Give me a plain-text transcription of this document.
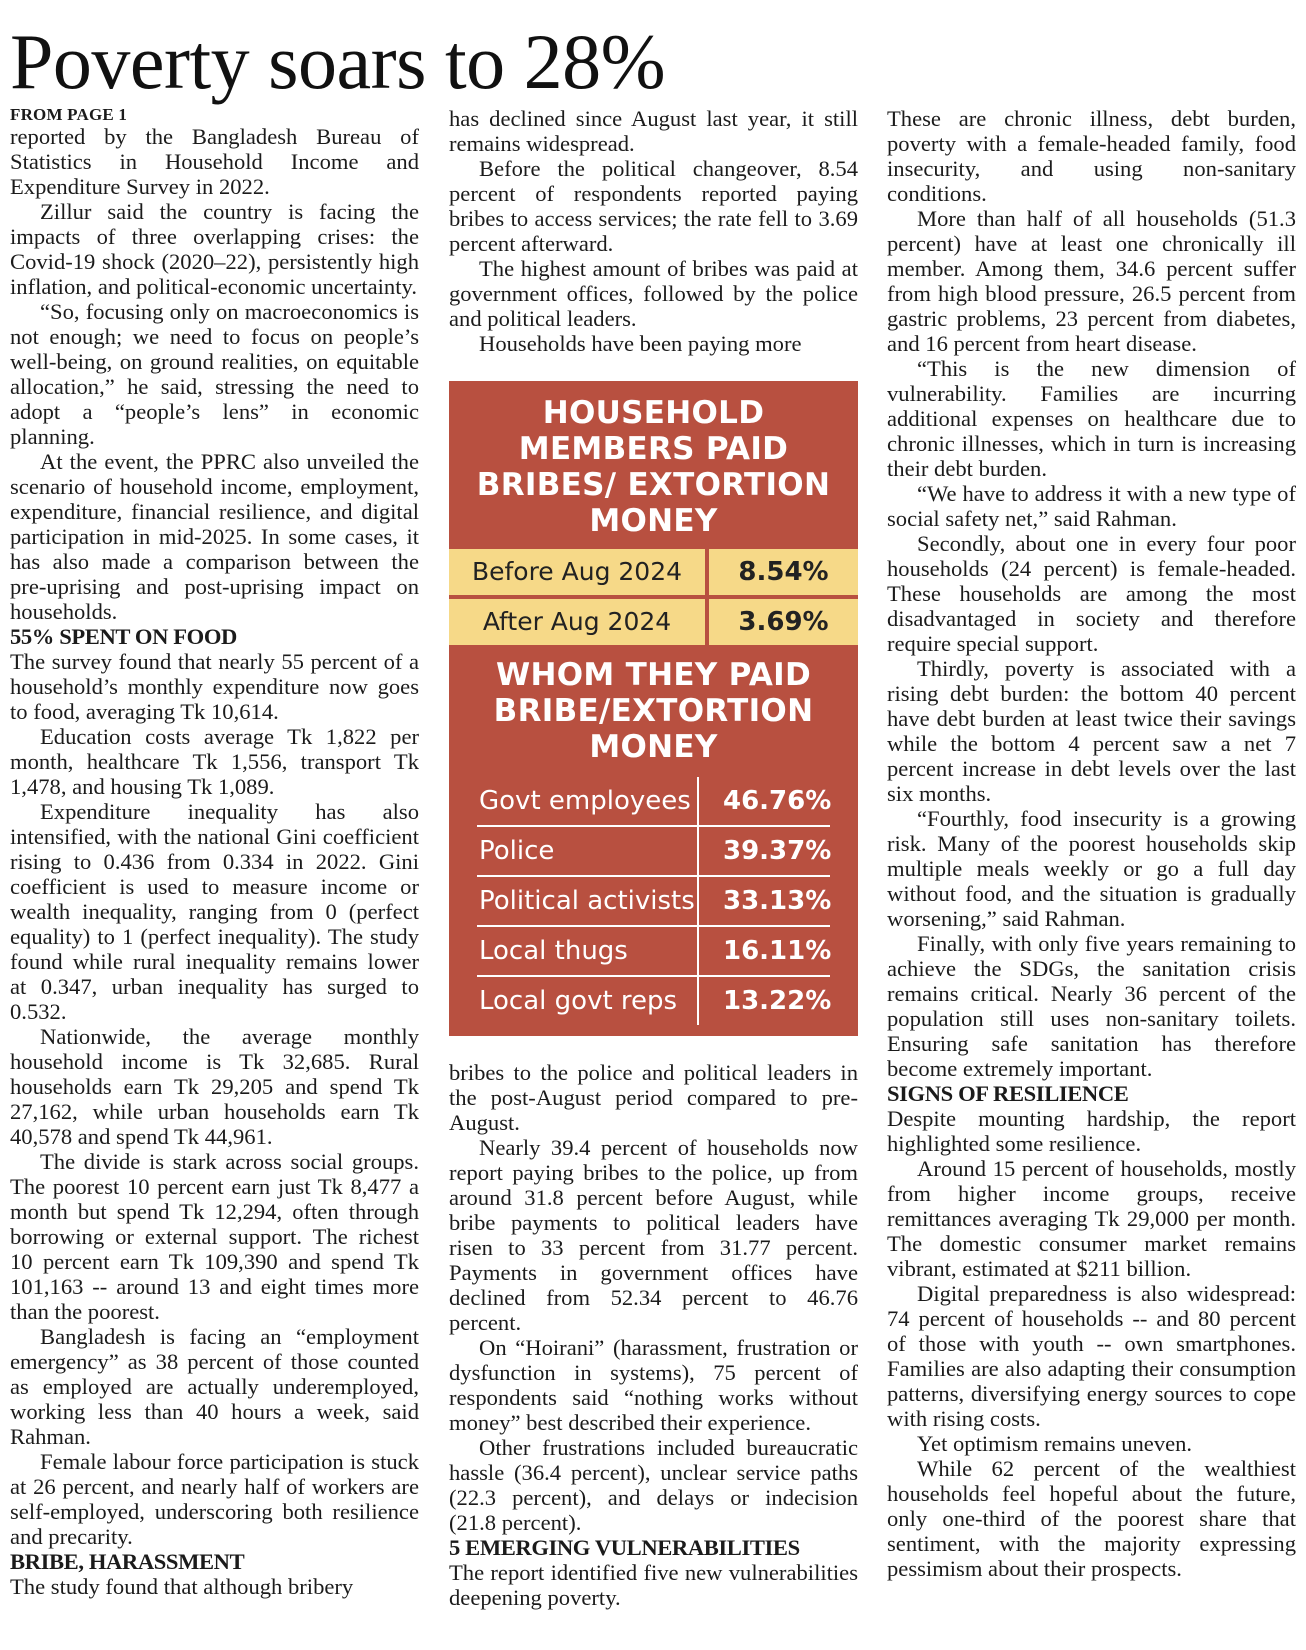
Poverty soars to 28%
FROM PAGE 1

reported by the Bangladesh Bureau of Statistics in Household Income and Expenditure Survey in 2022.

Zillur said the country is facing the impacts of three overlapping crises: the Covid-19 shock (2020–22), persistently high inflation, and political-economic uncertainty.

“So, focusing only on macroeconomics is not enough; we need to focus on people’s well-being, on ground realities, on equitable allocation,” he said, stressing the need to adopt a “people’s lens” in economic planning.

At the event, the PPRC also unveiled the scenario of household income, employment, expenditure, financial resilience, and digital participation in mid-2025. In some cases, it has also made a comparison between the pre-uprising and post-uprising impact on households.

55% SPENT ON FOOD

The survey found that nearly 55 percent of a household’s monthly expenditure now goes to food, averaging Tk 10,614.

Education costs average Tk 1,822 per month, healthcare Tk 1,556, transport Tk 1,478, and housing Tk 1,089.

Expenditure inequality has also intensified, with the national Gini coefficient rising to 0.436 from 0.334 in 2022. Gini coefficient is used to measure income or wealth inequality, ranging from 0 (perfect equality) to 1 (perfect inequality). The study found while rural inequality remains lower at 0.347, urban inequality has surged to 0.532.

Nationwide, the average monthly household income is Tk 32,685. Rural households earn Tk 29,205 and spend Tk 27,162, while urban households earn Tk 40,578 and spend Tk 44,961.

The divide is stark across social groups. The poorest 10 percent earn just Tk 8,477 a month but spend Tk 12,294, often through borrowing or external support. The richest 10 percent earn Tk 109,390 and spend Tk 101,163 -- around 13 and eight times more than the poorest.

Bangladesh is facing an “employment emergency” as 38 percent of those counted as employed are actually underemployed, working less than 40 hours a week, said Rahman.

Female labour force participation is stuck at 26 percent, and nearly half of workers are self-employed, underscoring both resilience and precarity.

BRIBE, HARASSMENT

The study found that although bribery

has declined since August last year, it still remains widespread.

Before the political changeover, 8.54 percent of respondents reported paying bribes to access services; the rate fell to 3.69 percent afterward.

The highest amount of bribes was paid at government offices, followed by the police and political leaders.

Households have been paying more

HOUSEHOLD MEMBERS PAID BRIBES/ EXTORTION MONEY
Before Aug 2024	8.54%
After Aug 2024	3.69%
WHOM THEY PAID BRIBE/EXTORTION MONEY
Govt employees	46.76%
Police	39.37%
Political activists	33.13%
Local thugs	16.11%
Local govt reps	13.22%

bribes to the police and political leaders in the post-August period compared to pre-August.

Nearly 39.4 percent of households now report paying bribes to the police, up from around 31.8 percent before August, while bribe payments to political leaders have risen to 33 percent from 31.77 percent. Payments in government offices have declined from 52.34 percent to 46.76 percent.

On “Hoirani” (harassment, frustration or dysfunction in systems), 75 percent of respondents said “nothing works without money” best described their experience.

Other frustrations included bureaucratic hassle (36.4 percent), unclear service paths (22.3 percent), and delays or indecision (21.8 percent).

5 EMERGING VULNERABILITIES

The report identified five new vulnerabilities deepening poverty.

These are chronic illness, debt burden, poverty with a female-headed family, food insecurity, and using non-sanitary conditions.

More than half of all households (51.3 percent) have at least one chronically ill member. Among them, 34.6 percent suffer from high blood pressure, 26.5 percent from gastric problems, 23 percent from diabetes, and 16 percent from heart disease.

“This is the new dimension of vulnerability. Families are incurring additional expenses on healthcare due to chronic illnesses, which in turn is increasing their debt burden.

“We have to address it with a new type of social safety net,” said Rahman.

Secondly, about one in every four poor households (24 percent) is female-headed. These households are among the most disadvantaged in society and therefore require special support.

Thirdly, poverty is associated with a rising debt burden: the bottom 40 percent have debt burden at least twice their savings while the bottom 4 percent saw a net 7 percent increase in debt levels over the last six months.

“Fourthly, food insecurity is a growing risk. Many of the poorest households skip multiple meals weekly or go a full day without food, and the situation is gradually worsening,” said Rahman.

Finally, with only five years remaining to achieve the SDGs, the sanitation crisis remains critical. Nearly 36 percent of the population still uses non-sanitary toilets. Ensuring safe sanitation has therefore become extremely important.

SIGNS OF RESILIENCE

Despite mounting hardship, the report highlighted some resilience.

Around 15 percent of households, mostly from higher income groups, receive remittances averaging Tk 29,000 per month. The domestic consumer market remains vibrant, estimated at $211 billion.

Digital preparedness is also widespread: 74 percent of households -- and 80 percent of those with youth -- own smartphones. Families are also adapting their consumption patterns, diversifying energy sources to cope with rising costs.

Yet optimism remains uneven.

While 62 percent of the wealthiest households feel hopeful about the future, only one-third of the poorest share that sentiment, with the majority expressing pessimism about their prospects.
